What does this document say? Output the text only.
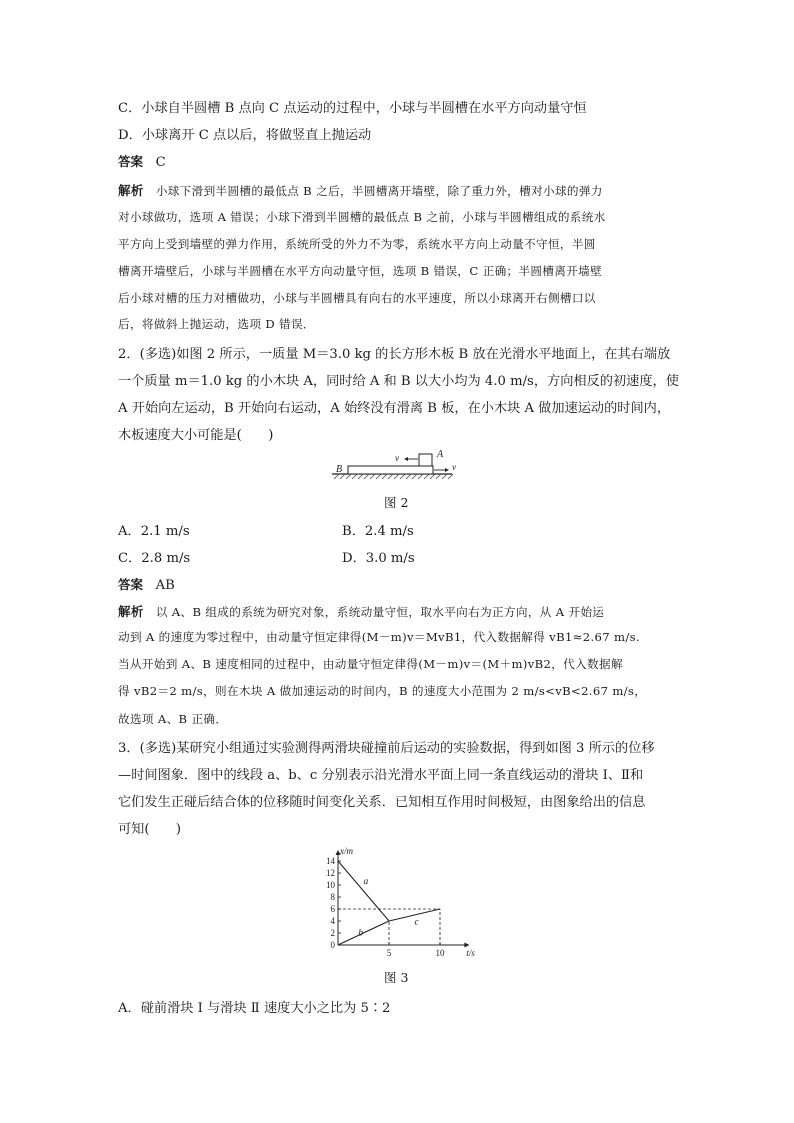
C．小球自半圆槽 B 点向 C 点运动的过程中，小球与半圆槽在水平方向动量守恒
D．小球离开 C 点以后，将做竖直上抛运动
答案 C
解析 小球下滑到半圆槽的最低点 B 之后，半圆槽离开墙壁，除了重力外，槽对小球的弹力
对小球做功，选项 A 错误；小球下滑到半圆槽的最低点 B 之前，小球与半圆槽组成的系统水
平方向上受到墙壁的弹力作用，系统所受的外力不为零，系统水平方向上动量不守恒，半圆
槽离开墙壁后，小球与半圆槽在水平方向动量守恒，选项 B 错误，C 正确；半圆槽离开墙壁
后小球对槽的压力对槽做功，小球与半圆槽具有向右的水平速度，所以小球离开右侧槽口以
后，将做斜上抛运动，选项 D 错误．
2．(多选)如图 2 所示，一质量 M＝3.0 kg 的长方形木板 B 放在光滑水平地面上，在其右端放
一个质量 m＝1.0 kg 的小木块 A，同时给 A 和 B 以大小均为 4.0 m/s，方向相反的初速度，使
A 开始向左运动，B 开始向右运动，A 始终没有滑离 B 板，在小木块 A 做加速运动的时间内，
木板速度大小可能是(　　)
B
A
v
v
图 2
A．2.1 m/s	B．2.4 m/s
C．2.8 m/s	D．3.0 m/s
答案 AB
解析 以 A、B 组成的系统为研究对象，系统动量守恒，取水平向右为正方向，从 A 开始运
动到 A 的速度为零过程中，由动量守恒定律得(M－m)v＝MvB1，代入数据解得 vB1≈2.67 m/s.
当从开始到 A、B 速度相同的过程中，由动量守恒定律得(M－m)v＝(M＋m)vB2，代入数据解
得 vB2＝2 m/s，则在木块 A 做加速运动的时间内，B 的速度大小范围为 2 m/s<vB<2.67 m/s，
故选项 A、B 正确．
3．(多选)某研究小组通过实验测得两滑块碰撞前后运动的实验数据，得到如图 3 所示的位移
—时间图象．图中的线段 a、b、c 分别表示沿光滑水平面上同一条直线运动的滑块 Ⅰ、Ⅱ和
它们发生正碰后结合体的位移随时间变化关系．已知相互作用时间极短，由图象给出的信息
可知(　　)
0
2
4
6
8
10
12
14
5	10
x/m
t/s
a
b
c
图 3
A．碰前滑块 Ⅰ 与滑块 Ⅱ 速度大小之比为 5∶2
